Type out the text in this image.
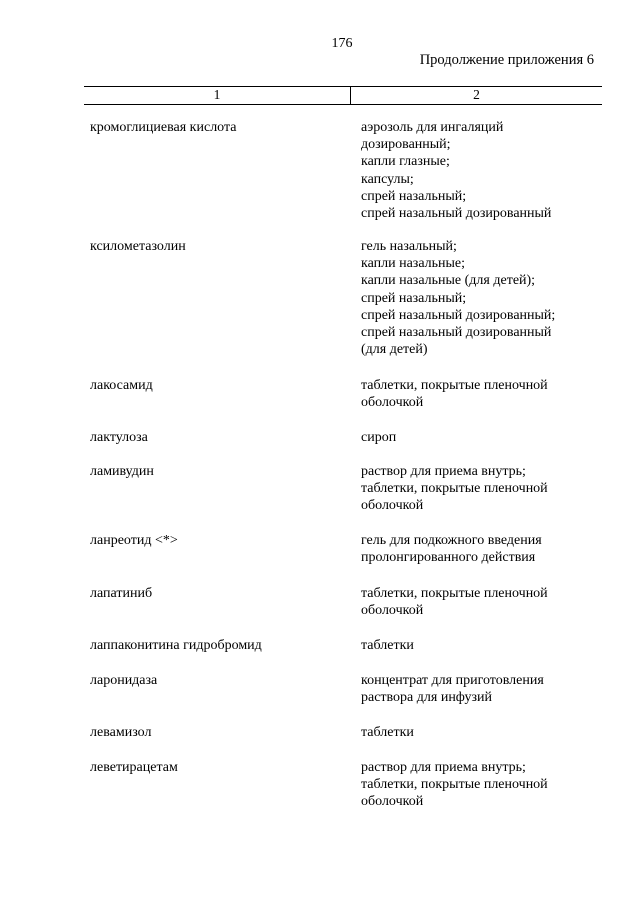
176
Продолжение приложения 6
1	2
кромоглициевая кислота	аэрозоль для ингаляций
дозированный;
капли глазные;
капсулы;
спрей назальный;
спрей назальный дозированный
ксилометазолин	гель назальный;
капли назальные;
капли назальные (для детей);
спрей назальный;
спрей назальный дозированный;
спрей назальный дозированный
(для детей)
лакосамид	таблетки, покрытые пленочной
оболочкой
лактулоза	сироп
ламивудин	раствор для приема внутрь;
таблетки, покрытые пленочной
оболочкой
ланреотид <*>	гель для подкожного введения
пролонгированного действия
лапатиниб	таблетки, покрытые пленочной
оболочкой
лаппаконитина гидробромид	таблетки
ларонидаза	концентрат для приготовления
раствора для инфузий
левамизол	таблетки
леветирацетам	раствор для приема внутрь;
таблетки, покрытые пленочной
оболочкой
